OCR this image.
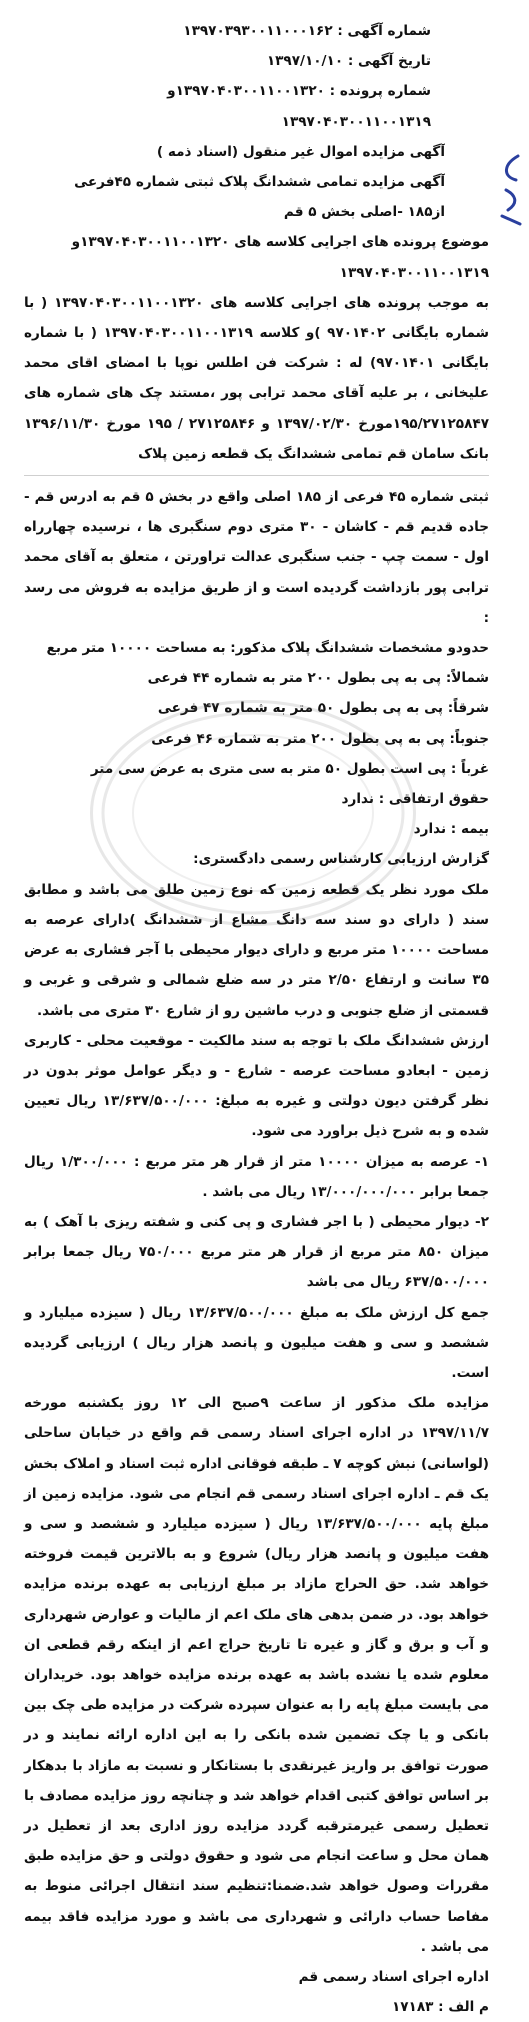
شماره آگهی : ۱۳۹۷۰۳۹۳۰۰۱۱۰۰۰۱۶۲
تاریخ آگهی : ۱۳۹۷/۱۰/۱۰
شماره پرونده : ۱۳۹۷۰۴۰۳۰۰۱۱۰۰۱۳۲۰و
۱۳۹۷۰۴۰۳۰۰۱۱۰۰۱۳۱۹
آگهی مزایده اموال غیر منقول (اسناد ذمه )
آگهی مزایده تمامی ششدانگ پلاک ثبتی شماره ۴۵فرعی
از۱۸۵ -اصلی بخش ۵ قم
موضوع پرونده های اجرایی کلاسه های ۱۳۹۷۰۴۰۳۰۰۱۱۰۰۱۳۲۰و
۱۳۹۷۰۴۰۳۰۰۱۱۰۰۱۳۱۹

به موجب پرونده های اجرایی کلاسه های ۱۳۹۷۰۴۰۳۰۰۱۱۰۰۱۳۲۰ ( با شماره بایگانی ۹۷۰۱۴۰۲ )و کلاسه ۱۳۹۷۰۴۰۳۰۰۱۱۰۰۱۳۱۹ ( با شماره بایگانی ۹۷۰۱۴۰۱) له : شرکت فن اطلس نوپا با امضای اقای محمد علیخانی ، بر علیه آقای محمد ترابی پور ،مستند چک های شماره های ۱۹۵/۲۷۱۲۵۸۴۷مورخ ۱۳۹۷/۰۲/۳۰ و ۲۷۱۲۵۸۴۶ / ۱۹۵ مورخ ۱۳۹۶/۱۱/۳۰ بانک سامان قم تمامی ششدانگ یک قطعه زمین پلاک

ثبتی شماره ۴۵ فرعی از ۱۸۵ اصلی واقع در بخش ۵ قم به ادرس قم - جاده قدیم قم - کاشان - ۳۰ متری دوم سنگبری ها ، نرسیده چهارراه اول - سمت چپ - جنب سنگبری عدالت تراورتن ، متعلق به آقای محمد ترابی پور بازداشت گردیده است و از طریق مزایده به فروش می رسد :

حدودو مشخصات ششدانگ پلاک مذکور: به مساحت ۱۰۰۰۰ متر مربع

شمالاً: پی به پی بطول ۲۰۰ متر به شماره ۴۴ فرعی

شرقاً: پی به پی بطول ۵۰ متر به شماره ۴۷ فرعی

جنوباً: پی به پی بطول ۲۰۰ متر به شماره ۴۶ فرعی

غرباً : پی است بطول ۵۰ متر به سی متری به عرض سی متر

حقوق ارتفاقی : ندارد

بیمه : ندارد

گزارش ارزیابی کارشناس رسمی دادگستری:

ملک مورد نظر یک قطعه زمین که نوع زمین طلق می باشد و مطابق سند ( دارای دو سند سه دانگ مشاع از ششدانگ )دارای عرصه به مساحت ۱۰۰۰۰ متر مربع و دارای دیوار محیطی با آجر فشاری به عرض ۳۵ سانت و ارتفاع ۲/۵۰ متر در سه ضلع شمالی و شرقی و غربی و قسمتی از ضلع جنوبی و درب ماشین رو از شارع ۳۰ متری می باشد.

ارزش ششدانگ ملک با توجه به سند مالکیت - موقعیت محلی - کاربری زمین - ابعادو مساحت عرصه - شارع - و دیگر عوامل موثر بدون در نظر گرفتن دیون دولتی و غیره به مبلغ: ۱۳/۶۳۷/۵۰۰/۰۰۰ ریال تعیین شده و به شرح ذیل براورد می شود.

۱- عرصه به میزان ۱۰۰۰۰ متر از قرار هر متر مربع : ۱/۳۰۰/۰۰۰ ریال جمعا برابر ۱۳/۰۰۰/۰۰۰/۰۰۰ ریال می باشد .

۲- دیوار محیطی ( با اجر فشاری و پی کنی و شفته ریزی با آهک ) به میزان ۸۵۰ متر مربع از قرار هر متر مربع ۷۵۰/۰۰۰ ریال جمعا برابر ۶۳۷/۵۰۰/۰۰۰ ریال می باشد

جمع کل ارزش ملک به مبلغ ۱۳/۶۳۷/۵۰۰/۰۰۰ ریال ( سیزده میلیارد و ششصد و سی و هفت میلیون و پانصد هزار ریال ) ارزیابی گردیده است.

مزایده ملک مذکور از ساعت ۹صبح الی ۱۲ روز یکشنبه مورخه ۱۳۹۷/۱۱/۷ در اداره اجرای اسناد رسمی قم واقع در خیابان ساحلی (لواسانی) نبش کوچه ۷ ـ طبقه فوقانی اداره ثبت اسناد و املاک بخش یک قم ـ اداره اجرای اسناد رسمی قم انجام می شود. مزایده زمین از مبلغ پایه ۱۳/۶۳۷/۵۰۰/۰۰۰ ریال ( سیزده میلیارد و ششصد و سی و هفت میلیون و پانصد هزار ریال) شروع و به بالاترین قیمت فروخته خواهد شد. حق الحراج مازاد بر مبلغ ارزیابی به عهده برنده مزایده خواهد بود. در ضمن بدهی های ملک اعم از مالیات و عوارض شهرداری و آب و برق و گاز و غیره تا تاریخ حراج اعم از اینکه رقم قطعی ان معلوم شده یا نشده باشد به عهده برنده مزایده خواهد بود. خریداران می بایست مبلغ پایه را به عنوان سپرده شرکت در مزایده طی چک بین بانکی و یا چک تضمین شده بانکی را به این اداره ارائه نمایند و در صورت توافق بر واریز غیرنقدی با بستانکار و نسبت به مازاد با بدهکار بر اساس توافق کتبی اقدام خواهد شد و چنانچه روز مزایده مصادف با تعطیل رسمی غیرمترقبه گردد مزایده روز اداری بعد از تعطیل در همان محل و ساعت انجام می شود و حقوق دولتی و حق مزایده طبق مقررات وصول خواهد شد.ضمنا:تنظیم سند انتقال اجرائی منوط به مفاصا حساب دارائی و شهرداری می باشد و مورد مزایده فاقد بیمه می باشد .

اداره اجرای اسناد رسمی قم
م الف : ۱۷۱۸۳
